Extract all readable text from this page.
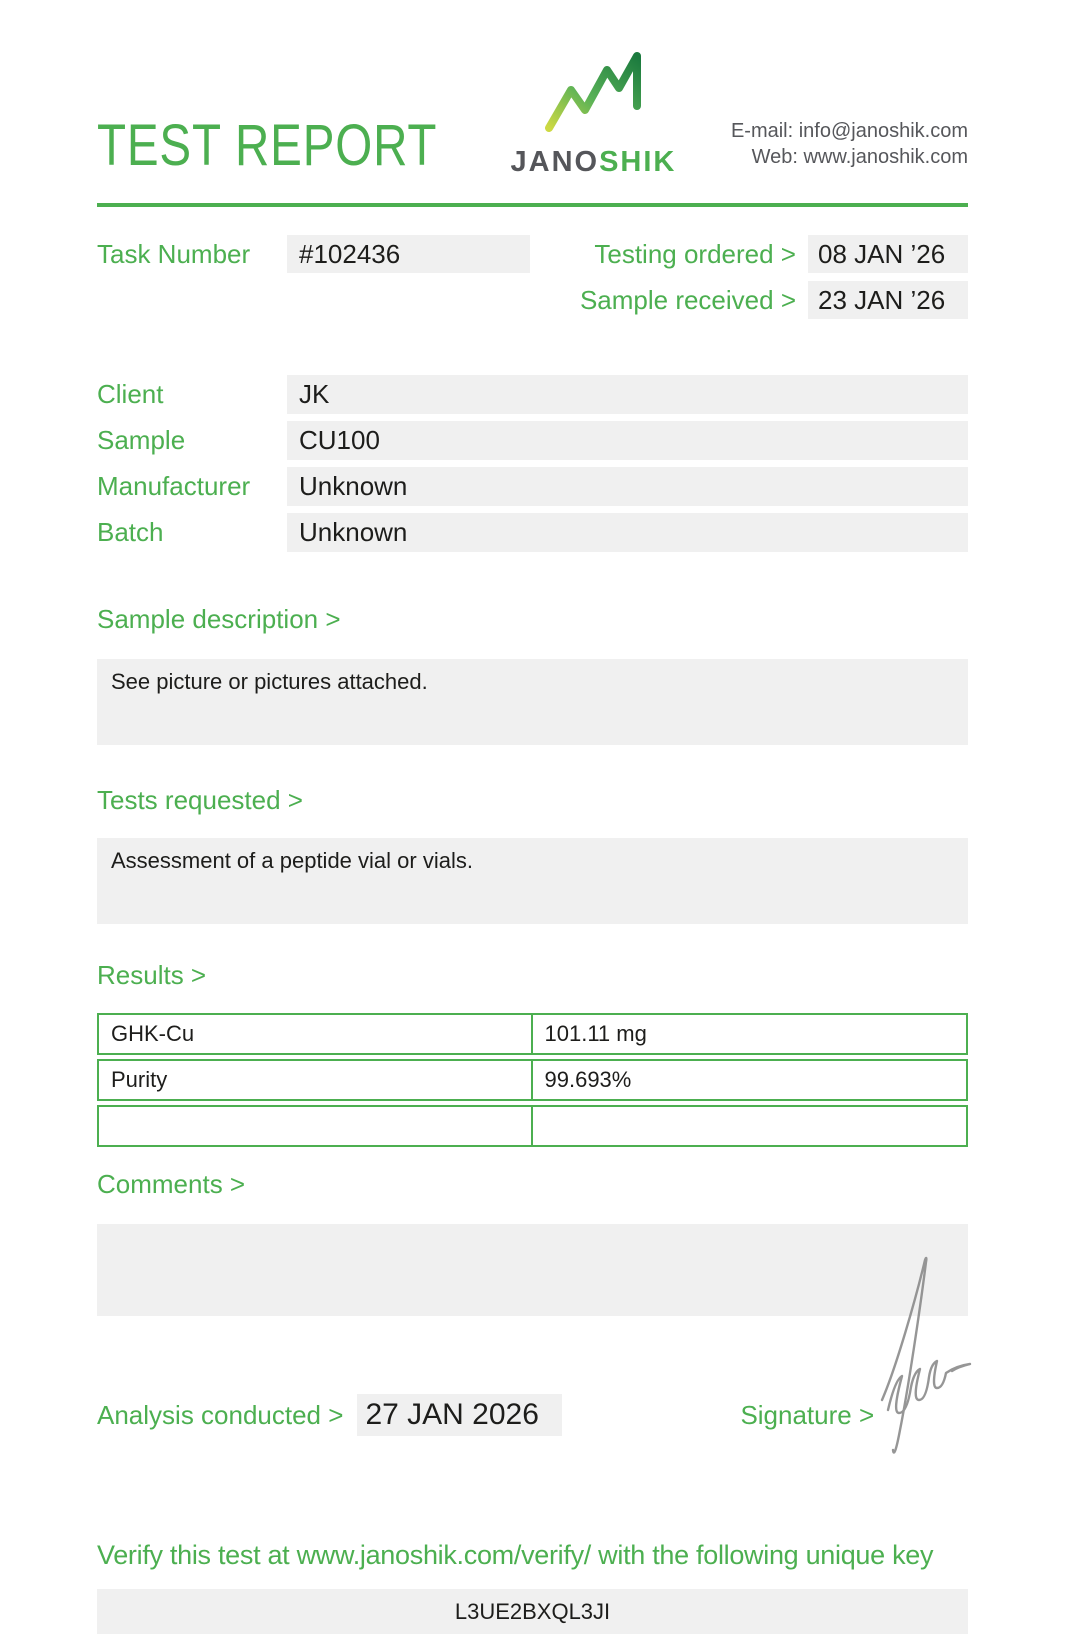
TEST REPORT	JANOSHIK
E-mail: info@janoshik.com
Web: www.janoshik.com
Task Number	#102436	Testing ordered > 08 JAN ’26
Sample received > 23 JAN ’26
Client	JK
Sample	CU100
Manufacturer	Unknown
Batch	Unknown
Sample description >
See picture or pictures attached.
Tests requested >
Assessment of a peptide vial or vials.
Results >
GHK-Cu	101.11 mg
Purity	99.693%
Comments >
Analysis conducted > 27 JAN 2026	Signature >
Verify this test at www.janoshik.com/verify/ with the following unique key
L3UE2BXQL3JI
